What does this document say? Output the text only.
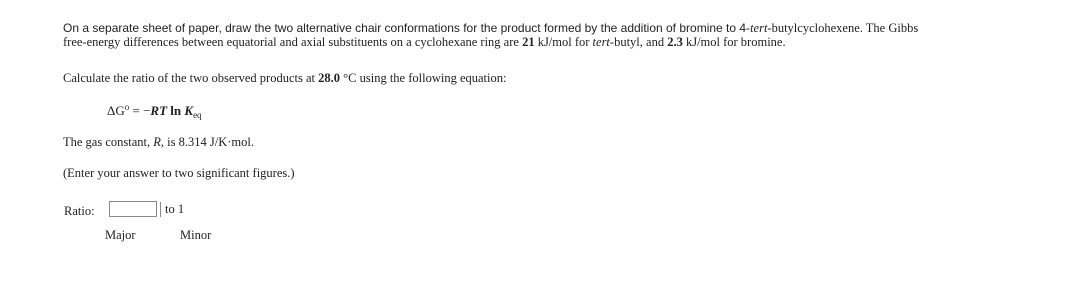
On a separate sheet of paper, draw the two alternative chair conformations for the product formed by the addition of bromine to 4-tert-butylcyclohexene. The Gibbs
free-energy differences between equatorial and axial substituents on a cyclohexane ring are 21 kJ/mol for tert-butyl, and 2.3 kJ/mol for bromine.
Calculate the ratio of the two observed products at 28.0 °C using the following equation:
$\Delta G^o = -RT$ $\ln K_{eq}$
The gas constant, R, is 8.314 J/K·mol.
(Enter your answer to two significant figures.)
Ratio:	to 1
Major	Minor
